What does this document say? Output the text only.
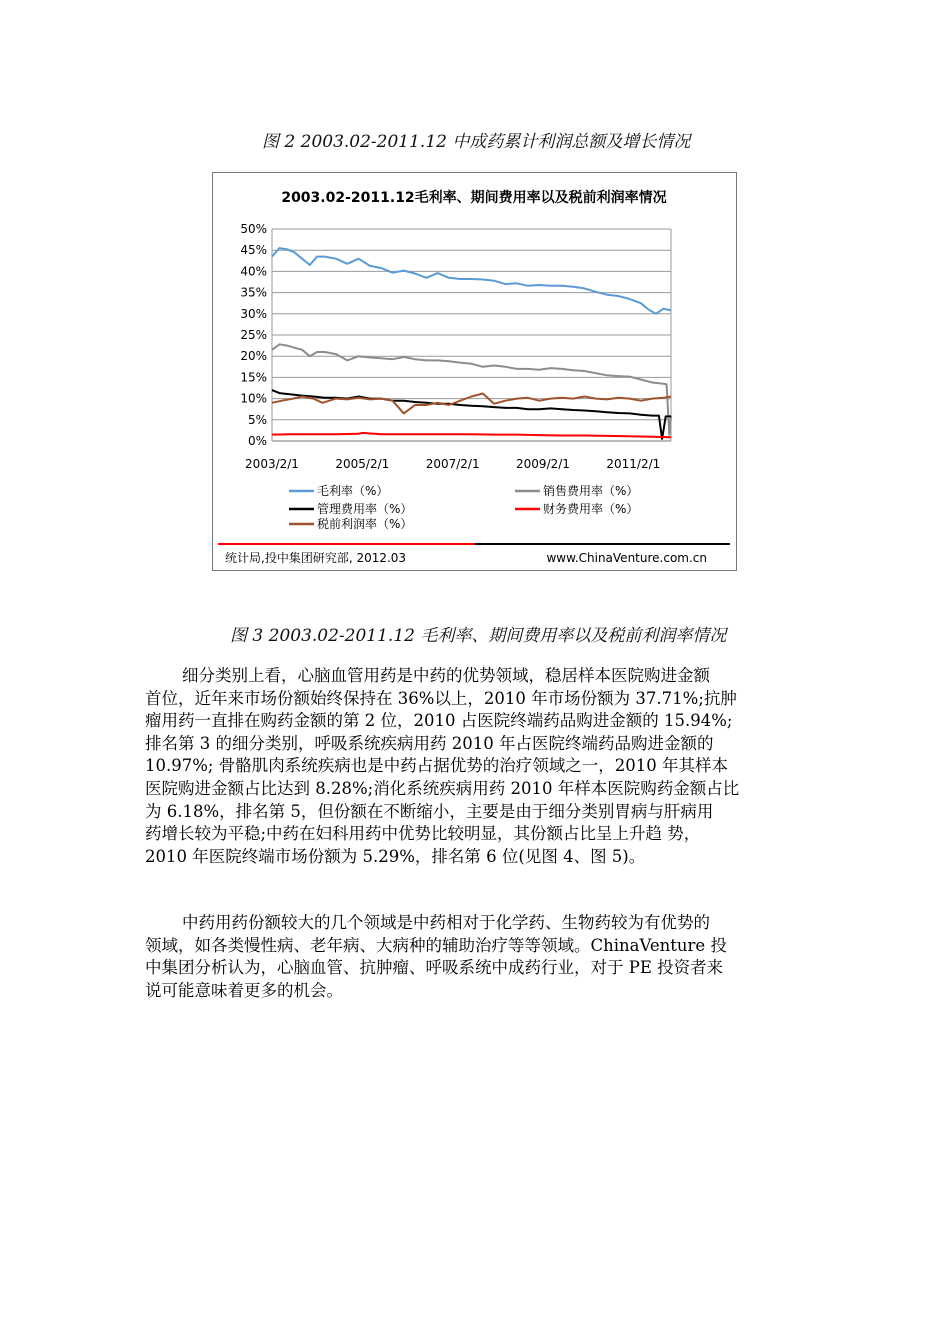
图 2 2003.02-2011.12 中成药累计利润总额及增长情况
2003.02-2011.12毛利率、期间费用率以及税前利润率情况
0%
5%
10%
15%
20%
25%
30%
35%
40%
45%
50%
2003/2/1	2005/2/1	2007/2/1	2009/2/1	2011/2/1
毛利率（%）	销售费用率（%）
管理费用率（%）	财务费用率（%）
税前利润率（%）
统计局,投中集团研究部, 2012.03	www.ChinaVenture.com.cn
图 3 2003.02-2011.12 毛利率、期间费用率以及税前利润率情况
细分类别上看，心脑血管用药是中药的优势领域，稳居样本医院购进金额
首位，近年来市场份额始终保持在 36%以上，2010 年市场份额为 37.71%;抗肿
瘤用药一直排在购药金额的第 2 位，2010 占医院终端药品购进金额的 15.94%;
排名第 3 的细分类别，呼吸系统疾病用药 2010 年占医院终端药品购进金额的
10.97%; 骨骼肌肉系统疾病也是中药占据优势的治疗领域之一，2010 年其样本
医院购进金额占比达到 8.28%;消化系统疾病用药 2010 年样本医院购药金额占比
为 6.18%，排名第 5，但份额在不断缩小，主要是由于细分类别胃病与肝病用
药增长较为平稳;中药在妇科用药中优势比较明显，其份额占比呈上升趋 势，
2010 年医院终端市场份额为 5.29%，排名第 6 位(见图 4、图 5)。
中药用药份额较大的几个领域是中药相对于化学药、生物药较为有优势的
领域，如各类慢性病、老年病、大病种的辅助治疗等等领域。ChinaVenture 投
中集团分析认为，心脑血管、抗肿瘤、呼吸系统中成药行业，对于 PE 投资者来
说可能意味着更多的机会。
